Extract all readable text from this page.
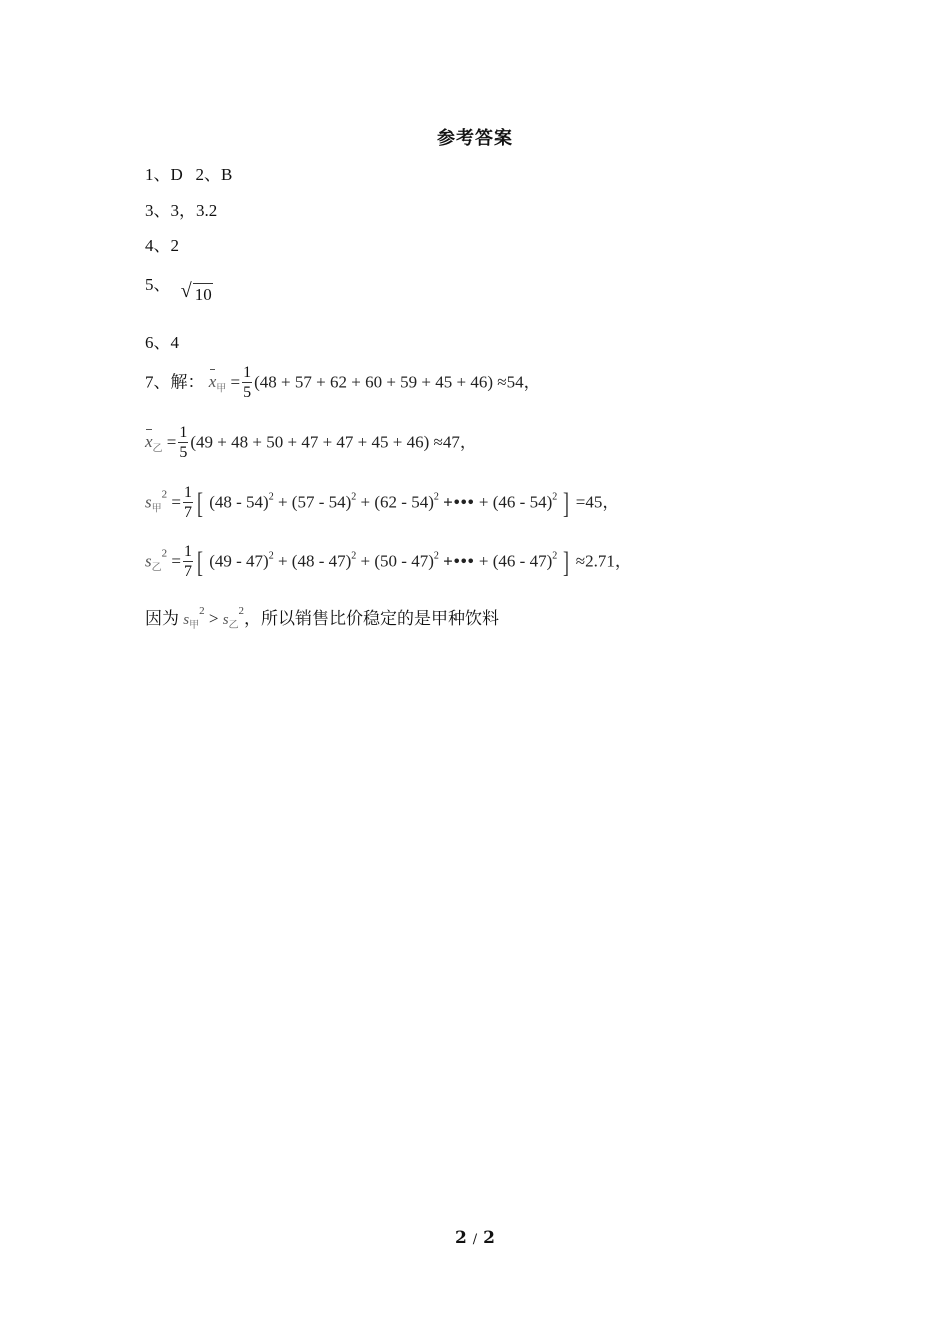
参考答案
1、D 2、B
3、3，3.2
4、2
5、 √ 10
6、4
7、解： $x_甲 = \frac{1}{5} (48 + 57 + 62 + 60 + 59 + 45 + 46) \approx 54$，
$x_乙 = \frac{1}{5} (49 + 48 + 50 + 47 + 47 + 45 + 46) \approx 47$，
$s_甲^2 = \frac{1}{7}$ [ (48 - 54)$^2$ + (57 - 54)$^2$ + (62 - 54)$^2$ +••• + (46 - 54)$^2$ ] =45，
$s_乙^2 = \frac{1}{7}$ [ (49 - 47)$^2$ + (48 - 47)$^2$ + (50 - 47)$^2$ +••• + (46 - 47)$^2$ ] ≈2.71，
因为 $s_甲^2 > s_乙^2$，所以销售比价稳定的是甲种饮料
2 / 2
